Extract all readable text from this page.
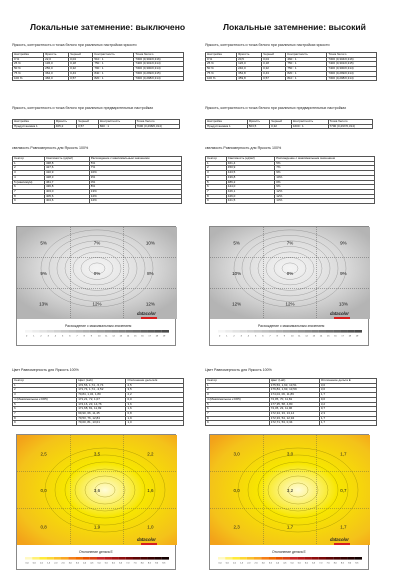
Локальные затемнение: выключено
Яркость, контрастность и точка белого при различных настройках яркости
Настройка	Яркость	Черный	Контрастность	Точка белого
0 %	22,0	0,04	510 : 1	7300 (0,302/0,316)
25 %	136,0	0,18	750 : 1	7400 (0,301/0,314)
50 %	250,0	0,32	790 : 1	7300 (0,300/0,314)
75 %	362,0	0,43	840 : 1	7300 (0,299/0,315)
100 %	466,0	0,57	820 : 1	7300 (0,298/0,314)
Яркость, контрастность и точка белого при различных предварительных настройках
Настройка	Яркость	Черный	Контрастность	Точка белого
Предустановка 1	465,2	0,57	820 : 1	7600 (0,298/0,314)
свелмость Равномерность для Яркость 100%
Сектор	Светимость (кд/м2)	Расхождение с максимальным значением
1	438,8	5%
2	427,6	7%
3	410,9	10%
4	428,3	9%
5 (максимум)	461,7	0%
6	436,8	8%
7	403,0	13%
8	405,6	12%
9	404,6	12%
5%	7%	10%
9%	0%	8%
13%	12%	12%
0	1	2	3	4	5	6	7	8	9	10	11	12	13	14	15	16	17	18	19
Расхождение с максимальным значением
datacolor
Цвет Равномерность для Яркость 100%
Сектор	Цвет (Lab)	Отклонение дельта E
1	172,56, 1,74, -5,74	2,5
2	171,74, 1,74, -3,52	3,5
3	70,84, 1,34, 1,80	2,2
4 (Максимальное к D65)	171,21, 72, 1,07	0,0
5	174,16, 23, 14,76	3,6
6	171,68, 81, 11,99	1,6
7	69,90, 66, 11,45	0,8
8	70,53, 76, 12,84	1,9
9	70,00, 81, 13,01	1,0
2,5	3,5	2,2
0,0	3,6	1,6
0,8	1,9	1,0
0,0	0,5	1,0	1,5	2,0	2,5	3,0	3,5	4,0	4,5	5,0	5,5	6,0	6,5	7,0	7,5	8,0	8,5	9,0	9,5
Отклонение дельта E
datacolor
Локальные затемнение: высокий
Яркость, контрастность и точка белого при различных настройках яркости
Настройка	Яркость	Черный	Контрастность	Точка белого
0 %	20,5	0,04	460 : 1	7300 (0,304/0,316)
25 %	126,0	0,18	750 : 1	7400 (0,301/0,315)
50 %	240,0	0,32	750 : 1	7400 (0,300/0,314)
75 %	352,8	0,43	820 : 1	7300 (0,299/0,314)
100 %	459,8	0,57	810 : 1	7300 (0,298/0,314)
Яркость, контрастность и точка белого при различных предварительных настройках
Настройка	Яркость	Черный	Контрастность	Точка белого
Предустановка 1	503,5	0,32	1600 : 1	7700 (0,297/0,314)
свелмость Равномерность для Яркость 100%
Сектор	Светимость (кд/м2)	Расхождение с максимальным значением
1	461,4	5%
2	450,9	7%
3	443,5	9%
4	439,8	10%
5	486,2	0%
6	444,0	9%
7	426,1	12%
8	426,0	12%
9	421,5	13%
5%	7%	9%
10%	0%	9%
12%	12%	13%
0	1	2	3	4	5	6	7	8	9	10	11	12	13	14	15	16	17	18	19
Расхождение с максимальным значением
datacolor
Цвет Равномерность для Яркость 100%
Сектор	Цвет (Lab)	Отклонение дельта E
1	175,53, 1,63, 13,51	3,0
2	176,84, 1,63, 13,59	3,0
3	174,04, 06, 11,86	1,7
4 (Максимальное к D65)	74,05, 70, 11,81	0,0
5	177,35, 58, 4,80	3,2
6	74,45, 23, 11,96	0,7
7	172,34, 33, 13,14	2,3
8	172,33, 54, 12,94	1,7
9	172,71, 53, 0,34	1,7
3,0	3,0	1,7
0,0	3,2	0,7
2,3	1,7	1,7
0,0	0,5	1,0	1,5	2,0	2,5	3,0	3,5	4,0	4,5	5,0	5,5	6,0	6,5	7,0	7,5	8,0	8,5	9,0	9,5
Отклонение дельта E
datacolor
